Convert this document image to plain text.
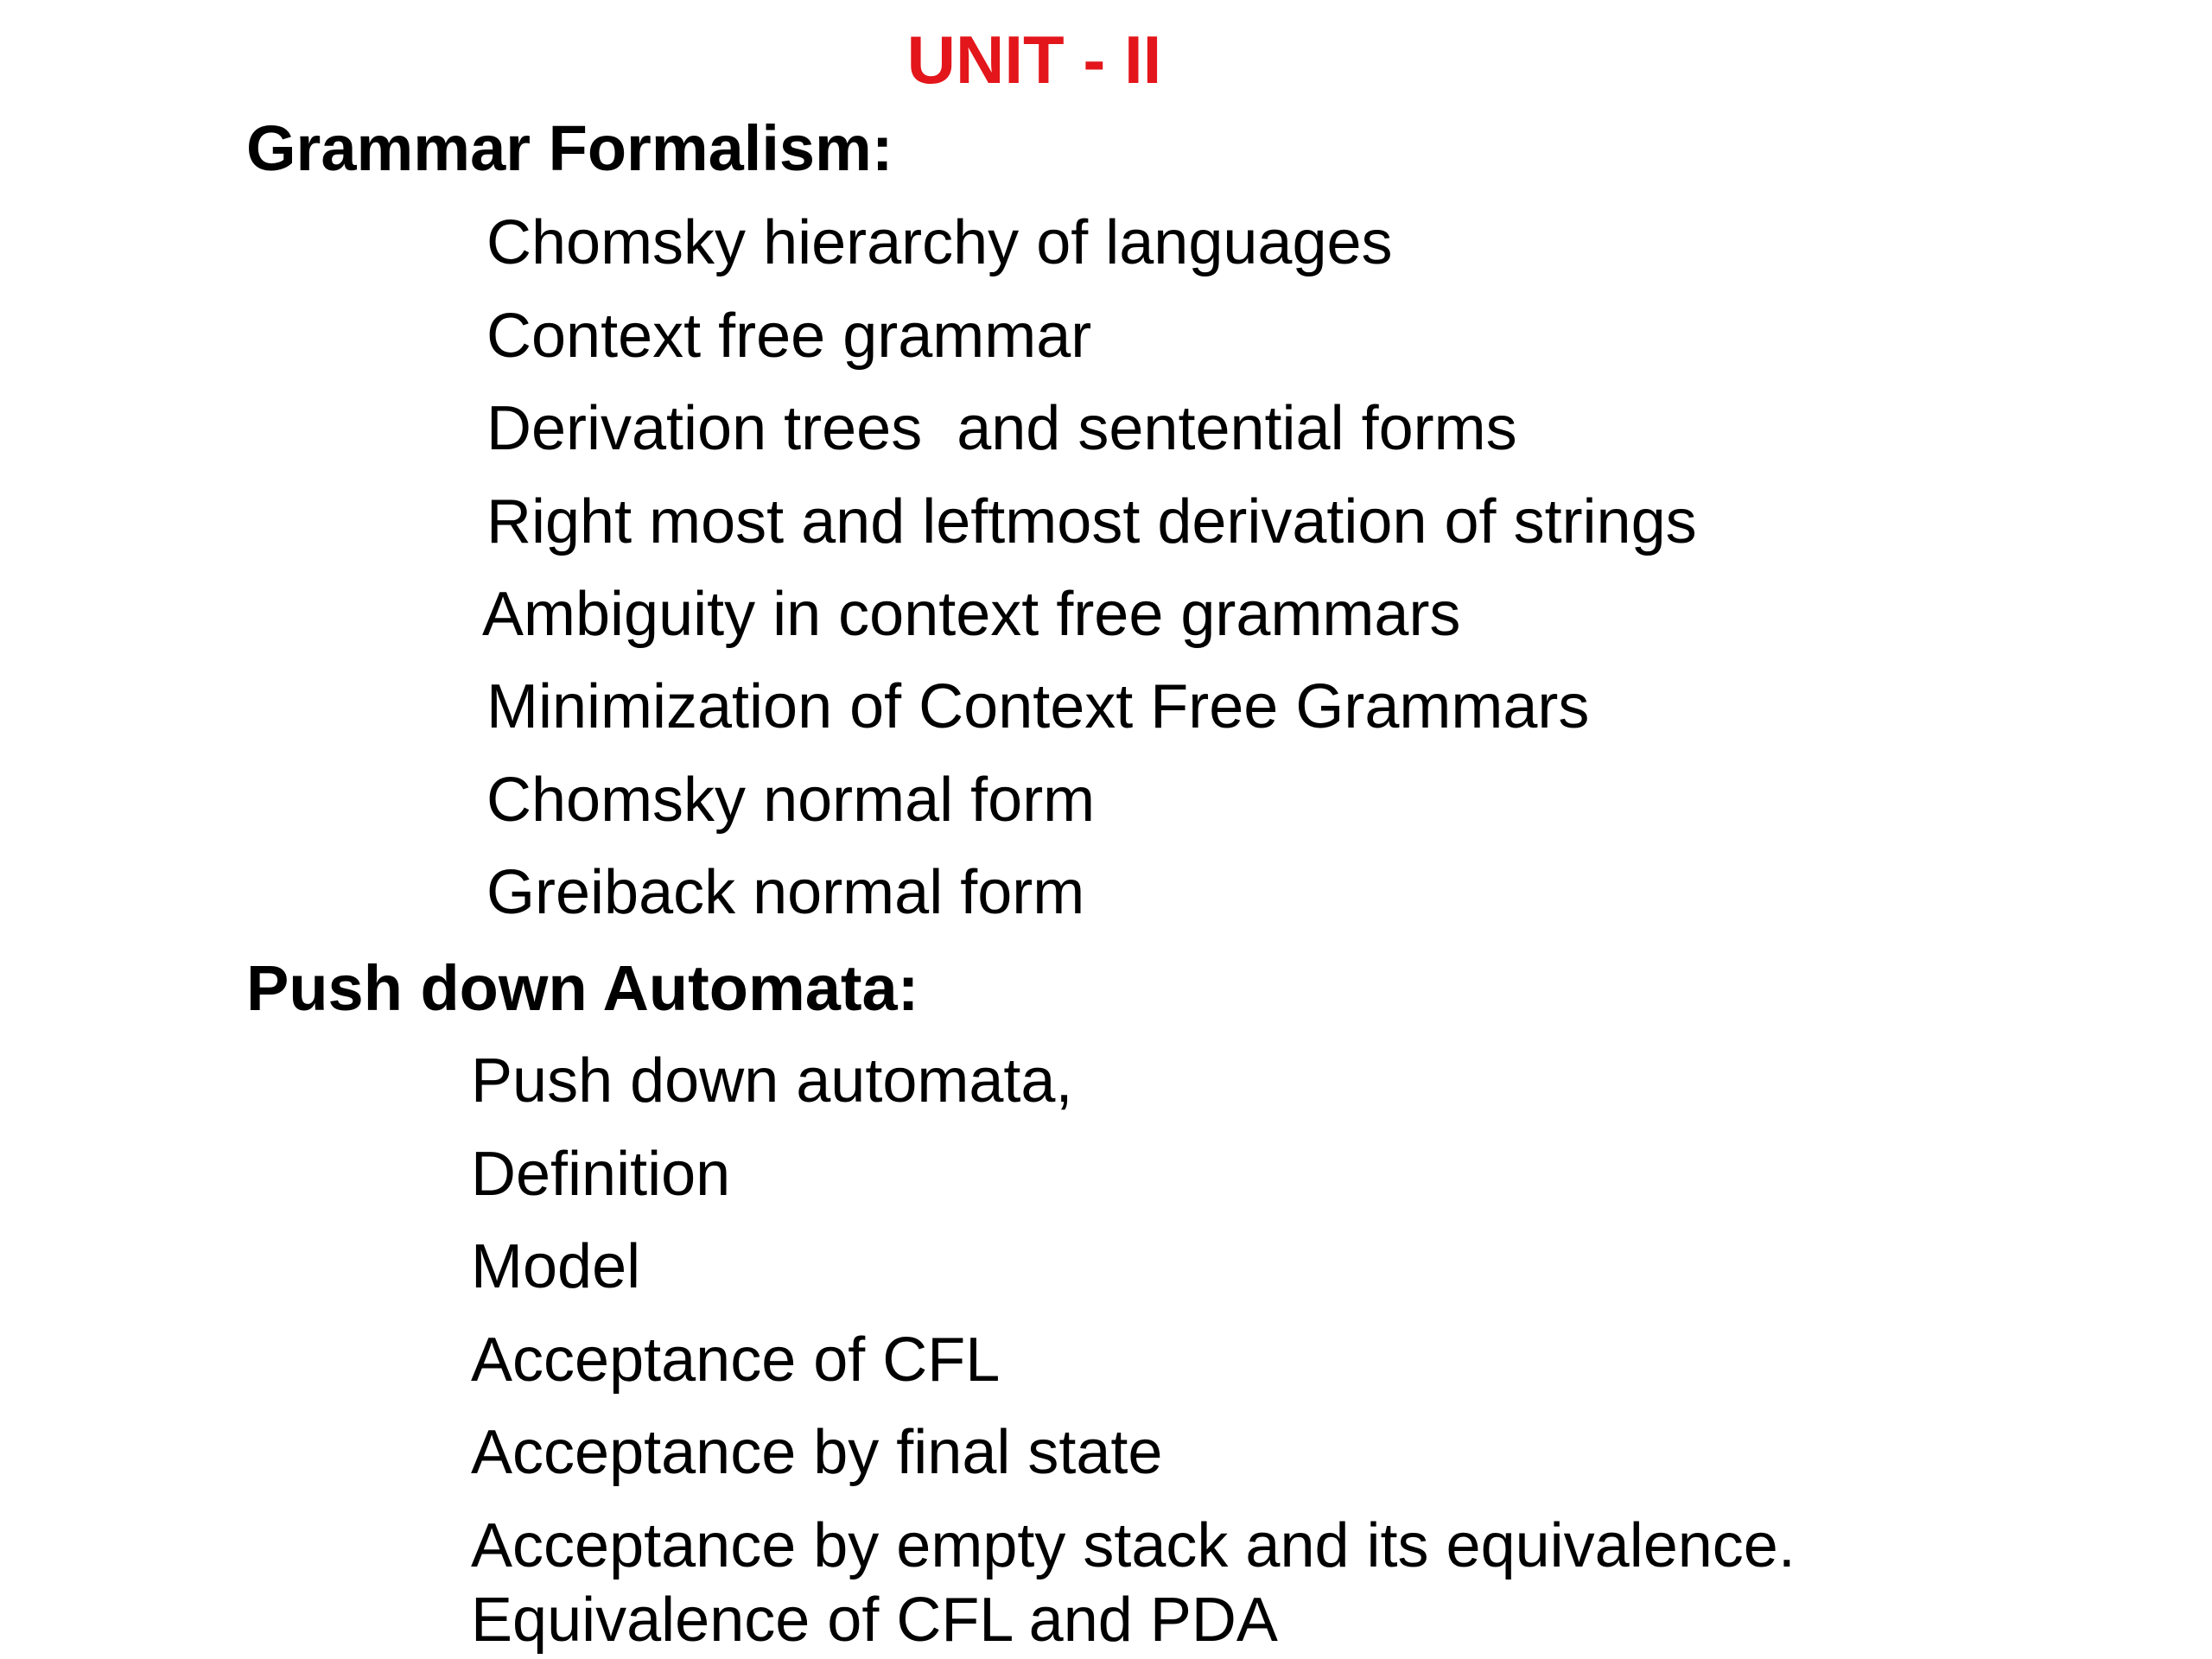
UNIT - II
Grammar Formalism:
Chomsky hierarchy of languages
Context free grammar
Derivation trees  and sentential forms
Right most and leftmost derivation of strings
Ambiguity in context free grammars
Minimization of Context Free Grammars
Chomsky normal form
Greiback normal form
Push down Automata:
Push down automata,
Definition
Model
Acceptance of CFL
Acceptance by final state
Acceptance by empty stack and its equivalence.
Equivalence of CFL and PDA
